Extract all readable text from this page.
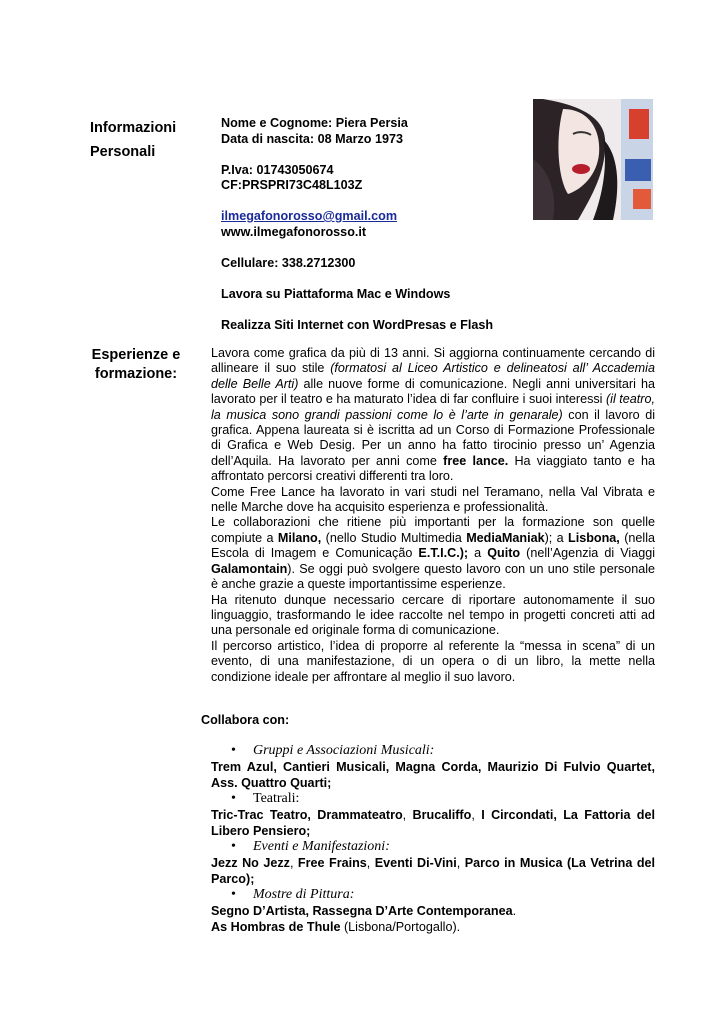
Informazioni
Personali
Esperienze e
formazione:

Nome e Cognome: Piera Persia

Data di nascita: 08 Marzo 1973

P.Iva: 01743050674

CF:PRSPRI73C48L103Z

ilmegafonorosso@gmail.com

www.ilmegafonorosso.it

Cellulare: 338.2712300

Lavora su Piattaforma Mac e Windows

Realizza Siti Internet con WordPresas e Flash

Lavora come grafica da più di 13 anni. Si aggiorna continuamente cercando di allineare il suo stile (formatosi al Liceo Artistico e delineatosi all’ Accademia delle Belle Arti) alle nuove forme di comunicazione. Negli anni universitari ha lavorato per il teatro e ha maturato l’idea di far confluire i suoi interessi (il teatro, la musica sono grandi passioni come lo è l’arte in genarale) con il lavoro di grafica. Appena laureata si è iscritta ad un Corso di Formazione Professionale di Grafica e Web Desig. Per un anno ha fatto tirocinio presso un’ Agenzia dell’Aquila. Ha lavorato per anni come free lance. Ha viaggiato tanto e ha affrontato percorsi creativi differenti tra loro.

Come Free Lance ha lavorato in vari studi nel Teramano, nella Val Vibrata e nelle Marche dove ha acquisito esperienza e professionalità.

Le collaborazioni che ritiene più importanti per la formazione son quelle compiute a Milano, (nello Studio Multimedia MediaManiak); a Lisbona, (nella Escola di Imagem e Comunicação E.T.I.C.); a Quito (nell’Agenzia di Viaggi Galamontain). Se oggi può svolgere questo lavoro con un uno stile personale è anche grazie a queste importantissime esperienze.

Ha ritenuto dunque necessario cercare di riportare autonomamente il suo linguaggio, trasformando le idee raccolte nel tempo in progetti concreti atti ad una personale ed originale forma di comunicazione.

Il percorso artistico, l’idea di proporre al referente la “messa in scena” di un evento, di una manifestazione, di un opera o di un libro, la mette nella condizione ideale per affrontare al meglio il suo lavoro.

Collabora con:
• Gruppi e Associazioni Musicali:

Trem Azul, Cantieri Musicali, Magna Corda, Maurizio Di Fulvio Quartet, Ass. Quattro Quarti;

• Teatrali:

Tric-Trac Teatro, Drammateatro, Brucaliffo, I Circondati, La Fattoria del Libero Pensiero;

• Eventi e Manifestazioni:

Jezz No Jezz, Free Frains, Eventi Di-Vini, Parco in Musica (La Vetrina del Parco);

• Mostre di Pittura:

Segno D’Artista, Rassegna D’Arte Contemporanea.

As Hombras de Thule (Lisbona/Portogallo).
